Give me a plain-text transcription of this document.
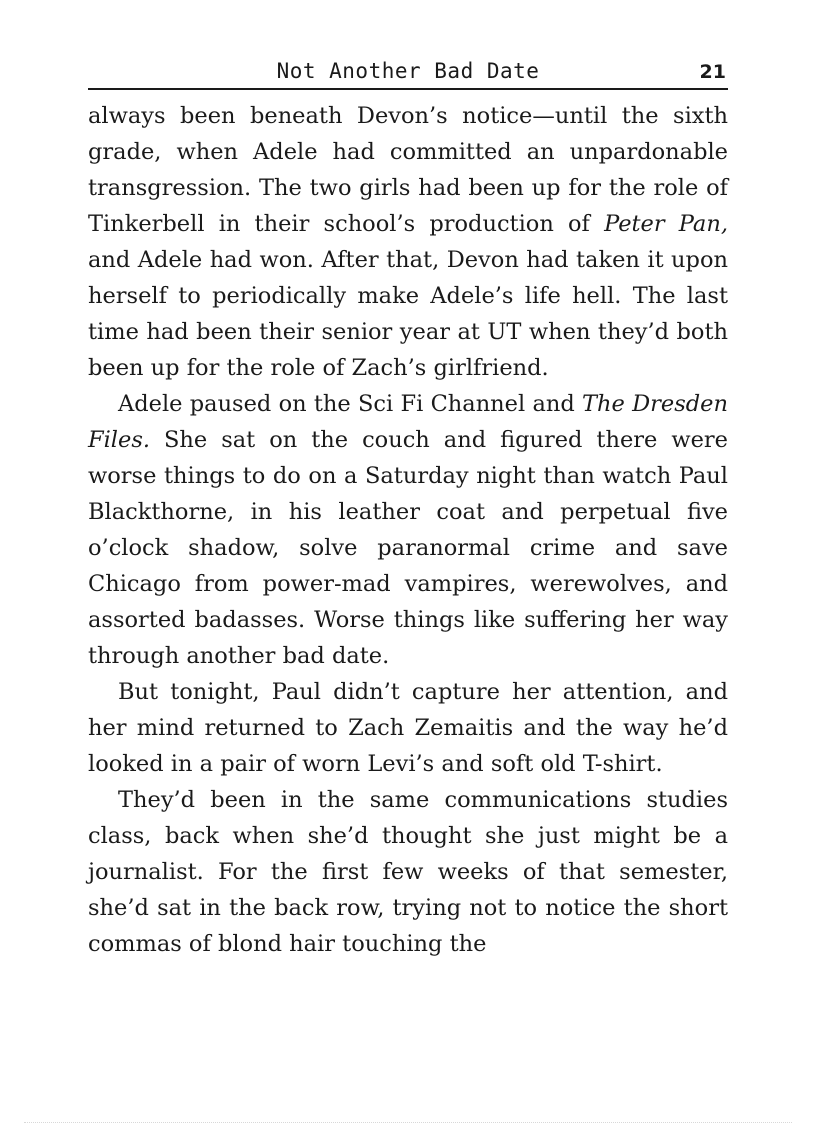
Not Another Bad Date	21

always been beneath Devon’s notice—until the sixth grade, when Adele had committed an unpardonable transgression. The two girls had been up for the role of Tinkerbell in their school’s production of Peter Pan, and Adele had won. After that, Devon had taken it upon herself to periodically make Adele’s life hell. The last time had been their senior year at UT when they’d both been up for the role of Zach’s girlfriend.

Adele paused on the Sci Fi Channel and The Dresden Files. She sat on the couch and figured there were worse things to do on a Saturday night than watch Paul Blackthorne, in his leather coat and perpetual five o’clock shadow, solve paranormal crime and save Chicago from power-mad vampires, werewolves, and assorted badasses. Worse things like suffering her way through another bad date.

But tonight, Paul didn’t capture her attention, and her mind returned to Zach Zemaitis and the way he’d looked in a pair of worn Levi’s and soft old T-shirt.

They’d been in the same communications studies class, back when she’d thought she just might be a journalist. For the first few weeks of that semester, she’d sat in the back row, trying not to notice the short commas of blond hair touching the
